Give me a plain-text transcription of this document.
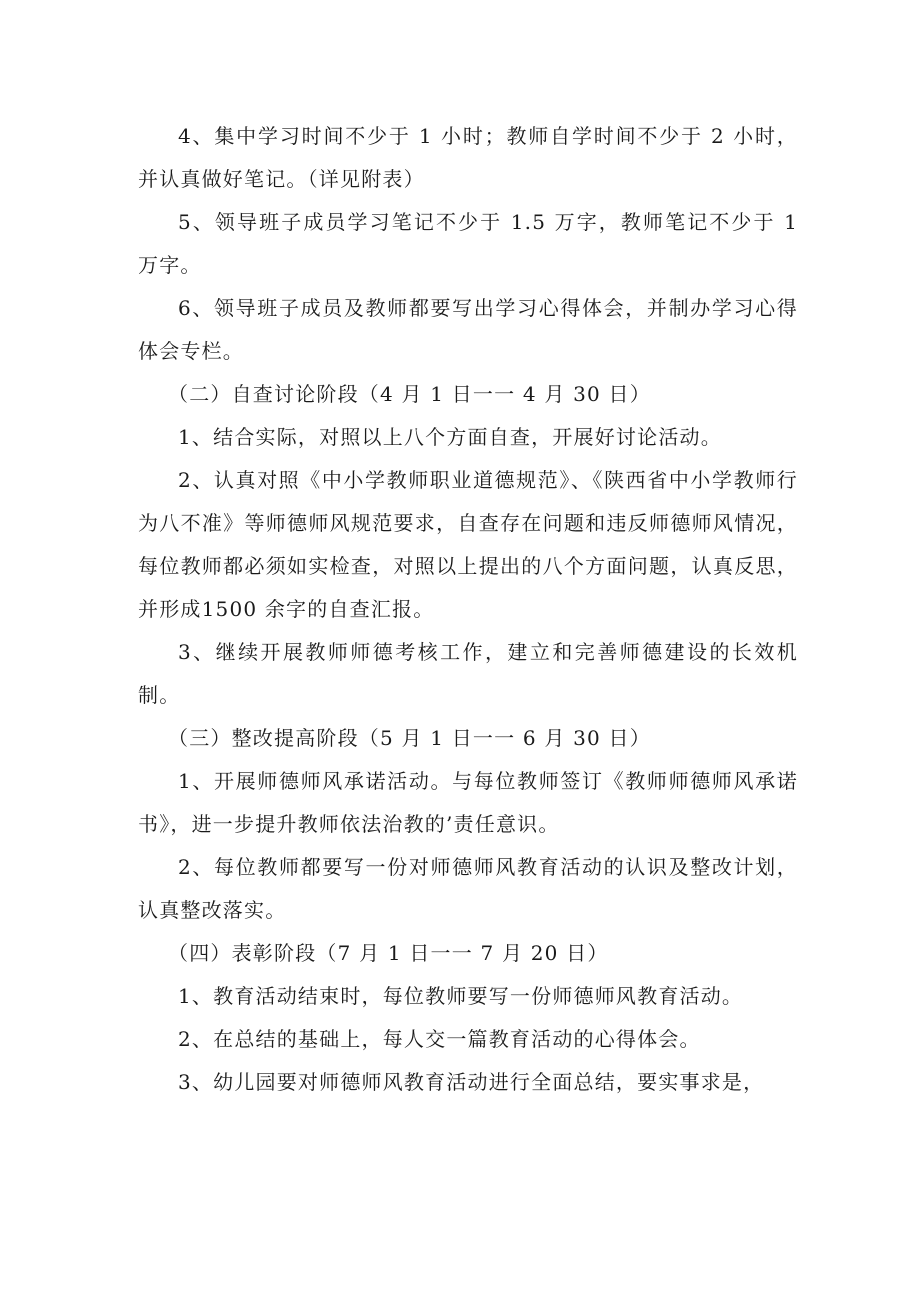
4、集中学习时间不少于 1 小时；教师自学时间不少于 2 小时，并认真做好笔记。（详见附表）

5、领导班子成员学习笔记不少于 1.5 万字，教师笔记不少于 1 万字。

6、领导班子成员及教师都要写出学习心得体会，并制办学习心得体会专栏。

（二）自查讨论阶段（4 月 1 日一一 4 月 30 日）

1、结合实际，对照以上八个方面自查，开展好讨论活动。

2、认真对照《中小学教师职业道德规范》、《陕西省中小学教师行为八不准》等师德师风规范要求，自查存在问题和违反师德师风情况，每位教师都必须如实检查，对照以上提出的八个方面问题，认真反思，并形成1500 余字的自查汇报。

3、继续开展教师师德考核工作，建立和完善师德建设的长效机制。

（三）整改提高阶段（5 月 1 日一一 6 月 30 日）

1、开展师德师风承诺活动。与每位教师签订《教师师德师风承诺书》，进一步提升教师依法治教的’责任意识。

2、每位教师都要写一份对师德师风教育活动的认识及整改计划，认真整改落实。

（四）表彰阶段（7 月 1 日一一 7 月 20 日）

1、教育活动结束时，每位教师要写一份师德师风教育活动。

2、在总结的基础上，每人交一篇教育活动的心得体会。

3、幼儿园要对师德师风教育活动进行全面总结，要实事求是，
